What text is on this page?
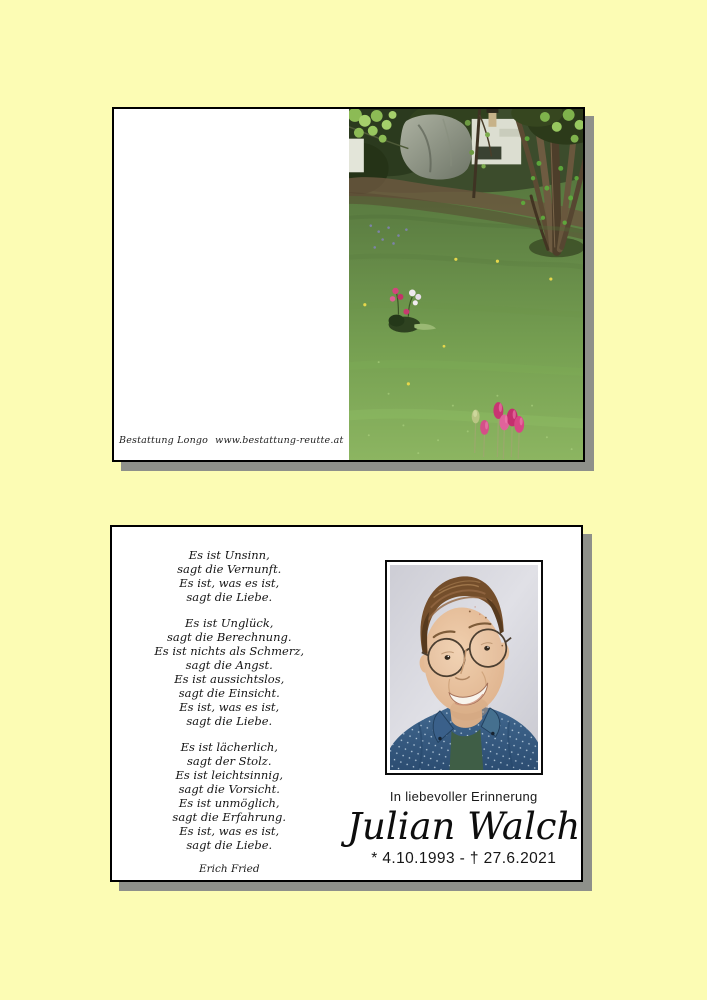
Bestattung Longo www.bestattung-reutte.at
Es ist Unsinn,
sagt die Vernunft.
Es ist, was es ist,
sagt die Liebe.
Es ist Unglück,
sagt die Berechnung.
Es ist nichts als Schmerz,
sagt die Angst.
Es ist aussichtslos,
sagt die Einsicht.
Es ist, was es ist,
sagt die Liebe.
Es ist lächerlich,
sagt der Stolz.
Es ist leichtsinnig,
sagt die Vorsicht.
Es ist unmöglich,
sagt die Erfahrung.
Es ist, was es ist,
sagt die Liebe.
Erich Fried
In liebevoller Erinnerung
Julian Walch
* 4.10.1993 - † 27.6.2021
